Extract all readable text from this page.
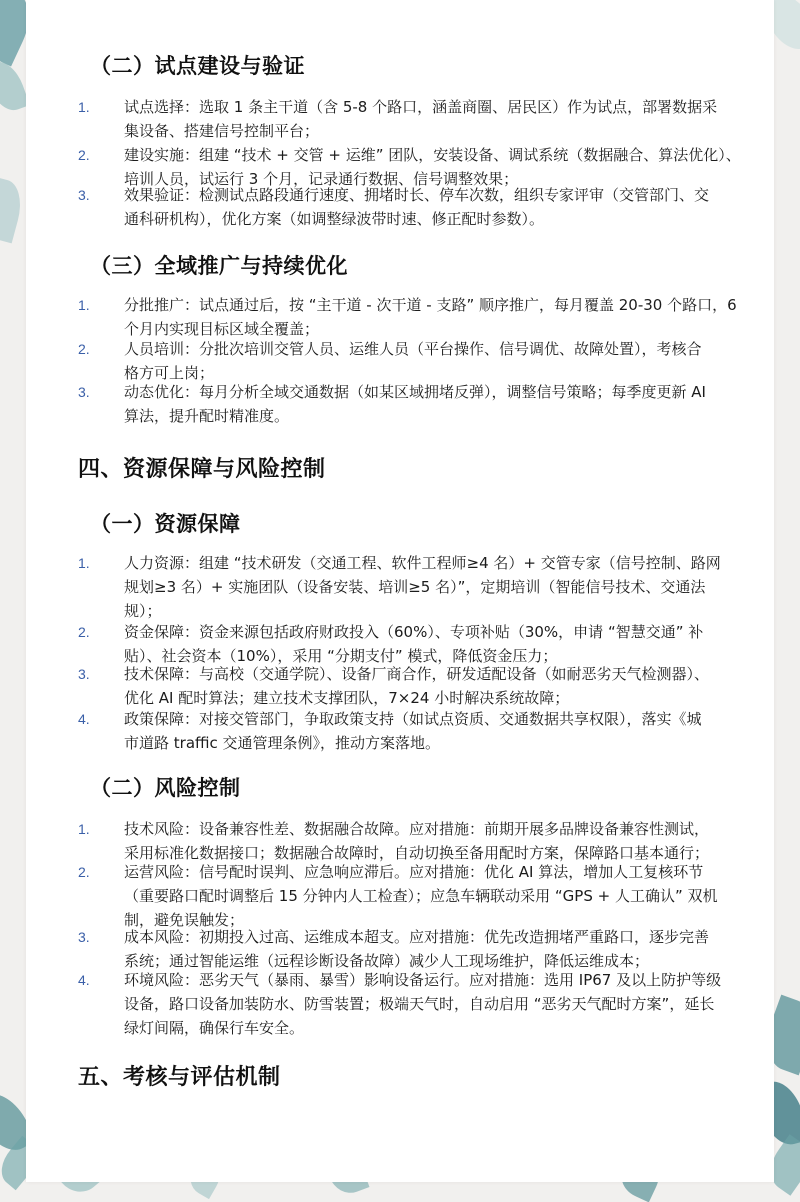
（二）试点建设与验证
1.	试点选择：选取 1 条主干道（含 5-8 个路口，涵盖商圈、居民区）作为试点，部署数据采
集设备、搭建信号控制平台；
2.	建设实施：组建 “技术 + 交管 + 运维” 团队，安装设备、调试系统（数据融合、算法优化）、
培训人员，试运行 3 个月，记录通行数据、信号调整效果；
3.	效果验证：检测试点路段通行速度、拥堵时长、停车次数，组织专家评审（交管部门、交
通科研机构），优化方案（如调整绿波带时速、修正配时参数）。
（三）全域推广与持续优化
1.	分批推广：试点通过后，按 “主干道 - 次干道 - 支路” 顺序推广，每月覆盖 20-30 个路口，6
个月内实现目标区域全覆盖；
2.	人员培训：分批次培训交管人员、运维人员（平台操作、信号调优、故障处置），考核合
格方可上岗；
3.	动态优化：每月分析全域交通数据（如某区域拥堵反弹），调整信号策略；每季度更新 AI
算法，提升配时精准度。
四、资源保障与风险控制
（一）资源保障
1.	人力资源：组建 “技术研发（交通工程、软件工程师≥4 名）+ 交管专家（信号控制、路网
规划≥3 名）+ 实施团队（设备安装、培训≥5 名）”，定期培训（智能信号技术、交通法
规）；
2.	资金保障：资金来源包括政府财政投入（60%）、专项补贴（30%，申请 “智慧交通” 补
贴）、社会资本（10%），采用 “分期支付” 模式，降低资金压力；
3.	技术保障：与高校（交通学院）、设备厂商合作，研发适配设备（如耐恶劣天气检测器）、
优化 AI 配时算法；建立技术支撑团队，7×24 小时解决系统故障；
4.	政策保障：对接交管部门，争取政策支持（如试点资质、交通数据共享权限），落实《城
市道路 traffic 交通管理条例》，推动方案落地。
（二）风险控制
1.	技术风险：设备兼容性差、数据融合故障。应对措施：前期开展多品牌设备兼容性测试，
采用标准化数据接口；数据融合故障时，自动切换至备用配时方案，保障路口基本通行；
2.	运营风险：信号配时误判、应急响应滞后。应对措施：优化 AI 算法，增加人工复核环节
（重要路口配时调整后 15 分钟内人工检查）；应急车辆联动采用 “GPS + 人工确认” 双机
制，避免误触发；
3.	成本风险：初期投入过高、运维成本超支。应对措施：优先改造拥堵严重路口，逐步完善
系统；通过智能运维（远程诊断设备故障）减少人工现场维护，降低运维成本；
4.	环境风险：恶劣天气（暴雨、暴雪）影响设备运行。应对措施：选用 IP67 及以上防护等级
设备，路口设备加装防水、防雪装置；极端天气时，自动启用 “恶劣天气配时方案”，延长
绿灯间隔，确保行车安全。
五、考核与评估机制
